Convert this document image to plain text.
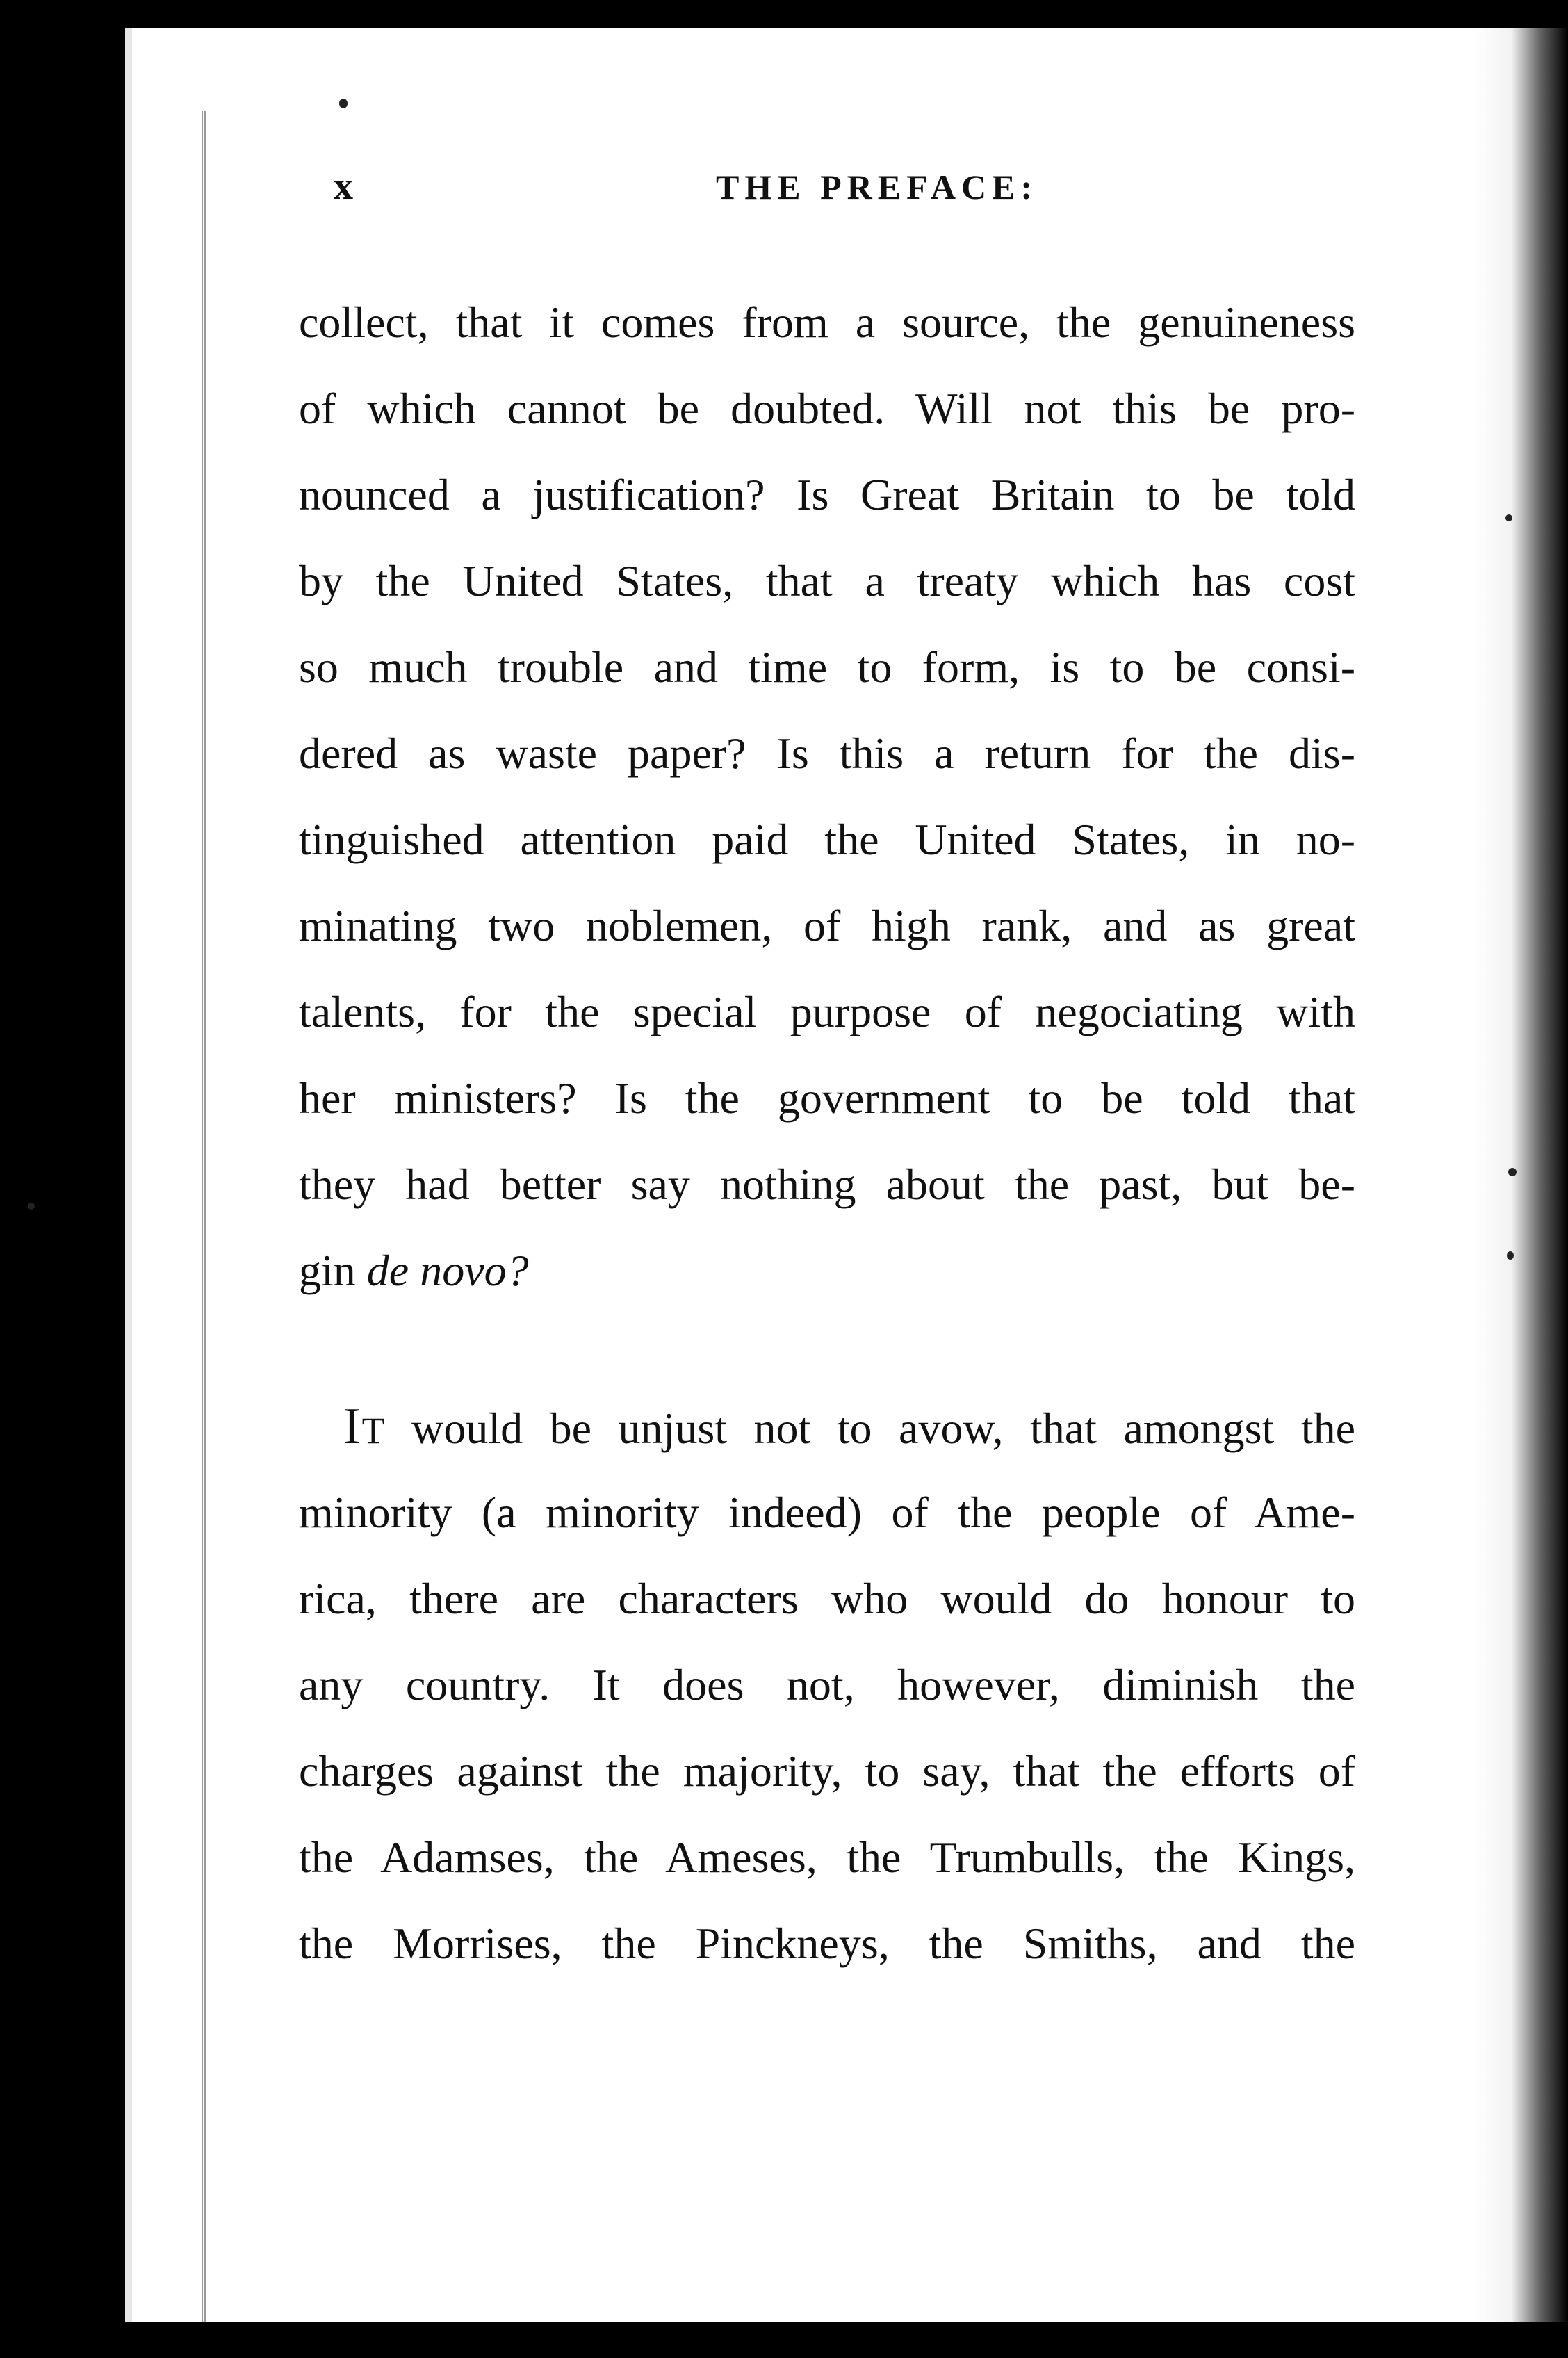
x	THE PREFACE:
collect, that it comes from a source, the genuineness
of which cannot be doubted. Will not this be pro-
nounced a justification? Is Great Britain to be told
by the United States, that a treaty which has cost
so much trouble and time to form, is to be consi-
dered as waste paper? Is this a return for the dis-
tinguished attention paid the United States, in no-
minating two noblemen, of high rank, and as great
talents, for the special purpose of negociating with
her ministers? Is the government to be told that
they had better say nothing about the past, but be-
gin de novo?
 IT would be unjust not to avow, that amongst the
minority (a minority indeed) of the people of Ame-
rica, there are characters who would do honour to
any country. It does not, however, diminish the
charges against the majority, to say, that the efforts of
the Adamses, the Ameses, the Trumbulls, the Kings,
the Morrises, the Pinckneys, the Smiths, and the
